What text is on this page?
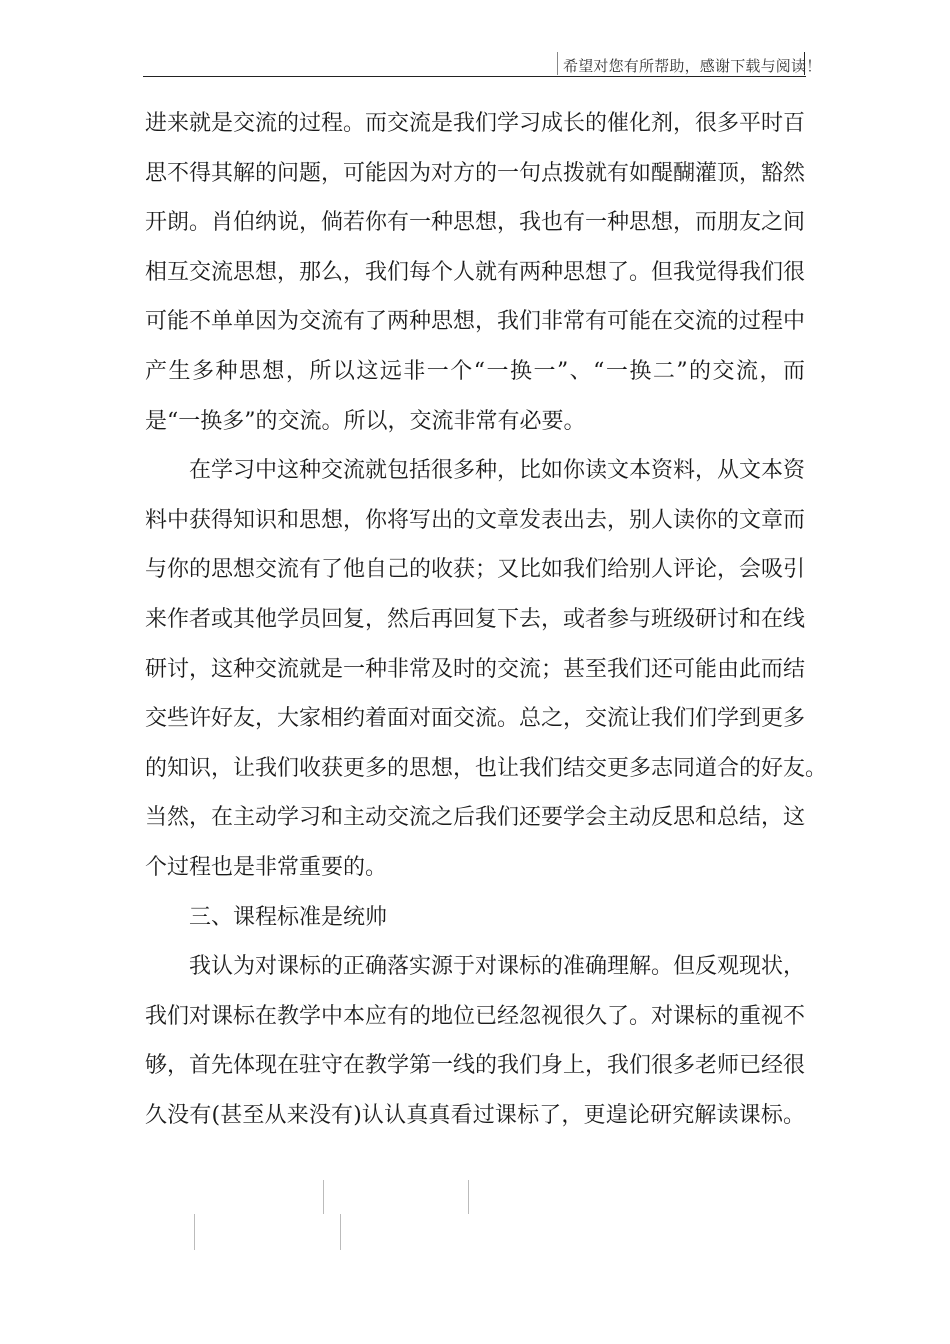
希望对您有所帮助，感谢下载与阅读！
进来就是交流的过程。而交流是我们学习成长的催化剂，很多平时百
思不得其解的问题，可能因为对方的一句点拨就有如醍醐灌顶，豁然
开朗。肖伯纳说，倘若你有一种思想，我也有一种思想，而朋友之间
相互交流思想，那么，我们每个人就有两种思想了。但我觉得我们很
可能不单单因为交流有了两种思想，我们非常有可能在交流的过程中
产生多种思想，所以这远非一个“一换一”、“一换二”的交流，而
是“一换多”的交流。所以，交流非常有必要。
在学习中这种交流就包括很多种，比如你读文本资料，从文本资
料中获得知识和思想，你将写出的文章发表出去，别人读你的文章而
与你的思想交流有了他自己的收获；又比如我们给别人评论，会吸引
来作者或其他学员回复，然后再回复下去，或者参与班级研讨和在线
研讨，这种交流就是一种非常及时的交流；甚至我们还可能由此而结
交些许好友，大家相约着面对面交流。总之，交流让我们们学到更多
的知识，让我们收获更多的思想，也让我们结交更多志同道合的好友。
当然，在主动学习和主动交流之后我们还要学会主动反思和总结，这
个过程也是非常重要的。
三、课程标准是统帅
我认为对课标的正确落实源于对课标的准确理解。但反观现状，
我们对课标在教学中本应有的地位已经忽视很久了。对课标的重视不
够，首先体现在驻守在教学第一线的我们身上，我们很多老师已经很
久没有(甚至从来没有)认认真真看过课标了，更遑论研究解读课标。
